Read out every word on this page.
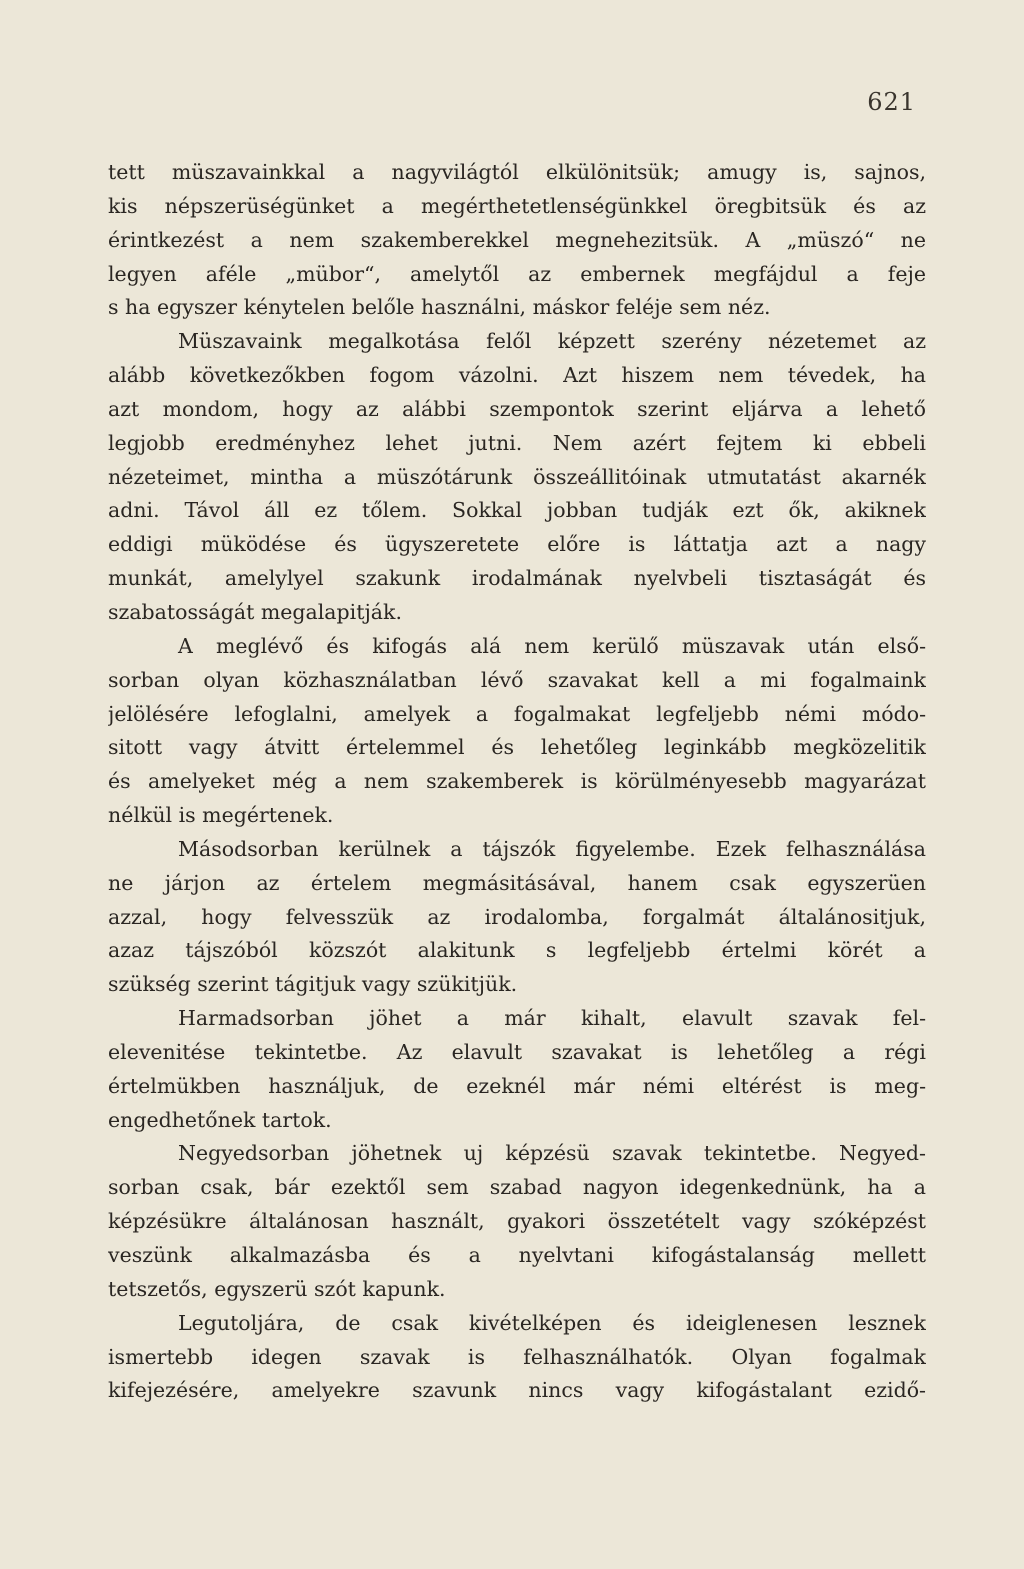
621
tett müszavainkkal a nagyvilágtól elkülönitsük; amugy is, sajnos,
kis népszerüségünket a megérthetetlenségünkkel öregbitsük és az
érintkezést a nem szakemberekkel megnehezitsük. A „müszó“ ne
legyen aféle „mübor“, amelytől az embernek megfájdul a feje
s ha egyszer kénytelen belőle használni, máskor feléje sem néz.
Müszavaink megalkotása felől képzett szerény nézetemet az
alább következőkben fogom vázolni. Azt hiszem nem tévedek, ha
azt mondom, hogy az alábbi szempontok szerint eljárva a lehető
legjobb eredményhez lehet jutni. Nem azért fejtem ki ebbeli
nézeteimet, mintha a müszótárunk összeállitóinak utmutatást akarnék
adni. Távol áll ez tőlem. Sokkal jobban tudják ezt ők, akiknek
eddigi müködése és ügyszeretete előre is láttatja azt a nagy
munkát, amelylyel szakunk irodalmának nyelvbeli tisztaságát és
szabatosságát megalapitják.
A meglévő és kifogás alá nem kerülő müszavak után első-
sorban olyan közhasználatban lévő szavakat kell a mi fogalmaink
jelölésére lefoglalni, amelyek a fogalmakat legfeljebb némi módo-
sitott vagy átvitt értelemmel és lehetőleg leginkább megközelitik
és amelyeket még a nem szakemberek is körülményesebb magyarázat
nélkül is megértenek.
Másodsorban kerülnek a tájszók figyelembe. Ezek felhasználása
ne járjon az értelem megmásitásával, hanem csak egyszerüen
azzal, hogy felvesszük az irodalomba, forgalmát általánositjuk,
azaz tájszóból közszót alakitunk s legfeljebb értelmi körét a
szükség szerint tágitjuk vagy szükitjük.
Harmadsorban jöhet a már kihalt, elavult szavak fel-
elevenitése tekintetbe. Az elavult szavakat is lehetőleg a régi
értelmükben használjuk, de ezeknél már némi eltérést is meg-
engedhetőnek tartok.
Negyedsorban jöhetnek uj képzésü szavak tekintetbe. Negyed-
sorban csak, bár ezektől sem szabad nagyon idegenkednünk, ha a
képzésükre általánosan használt, gyakori összetételt vagy szóképzést
veszünk alkalmazásba és a nyelvtani kifogástalanság mellett
tetszetős, egyszerü szót kapunk.
Legutoljára, de csak kivételképen és ideiglenesen lesznek
ismertebb idegen szavak is felhasználhatók. Olyan fogalmak
kifejezésére, amelyekre szavunk nincs vagy kifogástalant ezidő-
